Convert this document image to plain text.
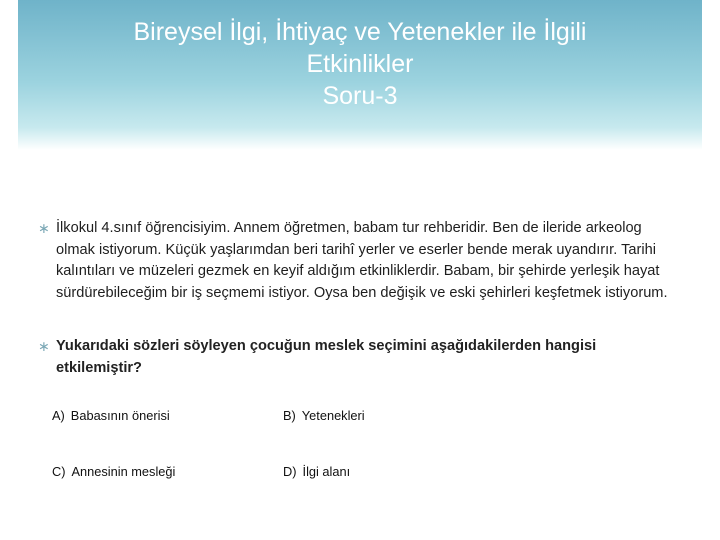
Bireysel İlgi, İhtiyaç ve Yetenekler ile İlgili
Etkinlikler
Soru-3
∗ İlkokul 4.sınıf öğrencisiyim. Annem öğretmen, babam tur rehberidir. Ben de ileride arkeolog olmak istiyorum. Küçük yaşlarımdan beri tarihî yerler ve eserler bende merak uyandırır. Tarihi kalıntıları ve müzeleri gezmek en keyif aldığım etkinliklerdir. Babam, bir şehirde yerleşik hayat sürdürebileceğim bir iş seçmemi istiyor. Oysa ben değişik ve eski şehirleri keşfetmek istiyorum.
∗ Yukarıdaki sözleri söyleyen çocuğun meslek seçimini aşağıdakilerden hangisi etkilemiştir?
A) Babasının önerisi	B) Yetenekleri
C) Annesinin mesleği	D) İlgi alanı
